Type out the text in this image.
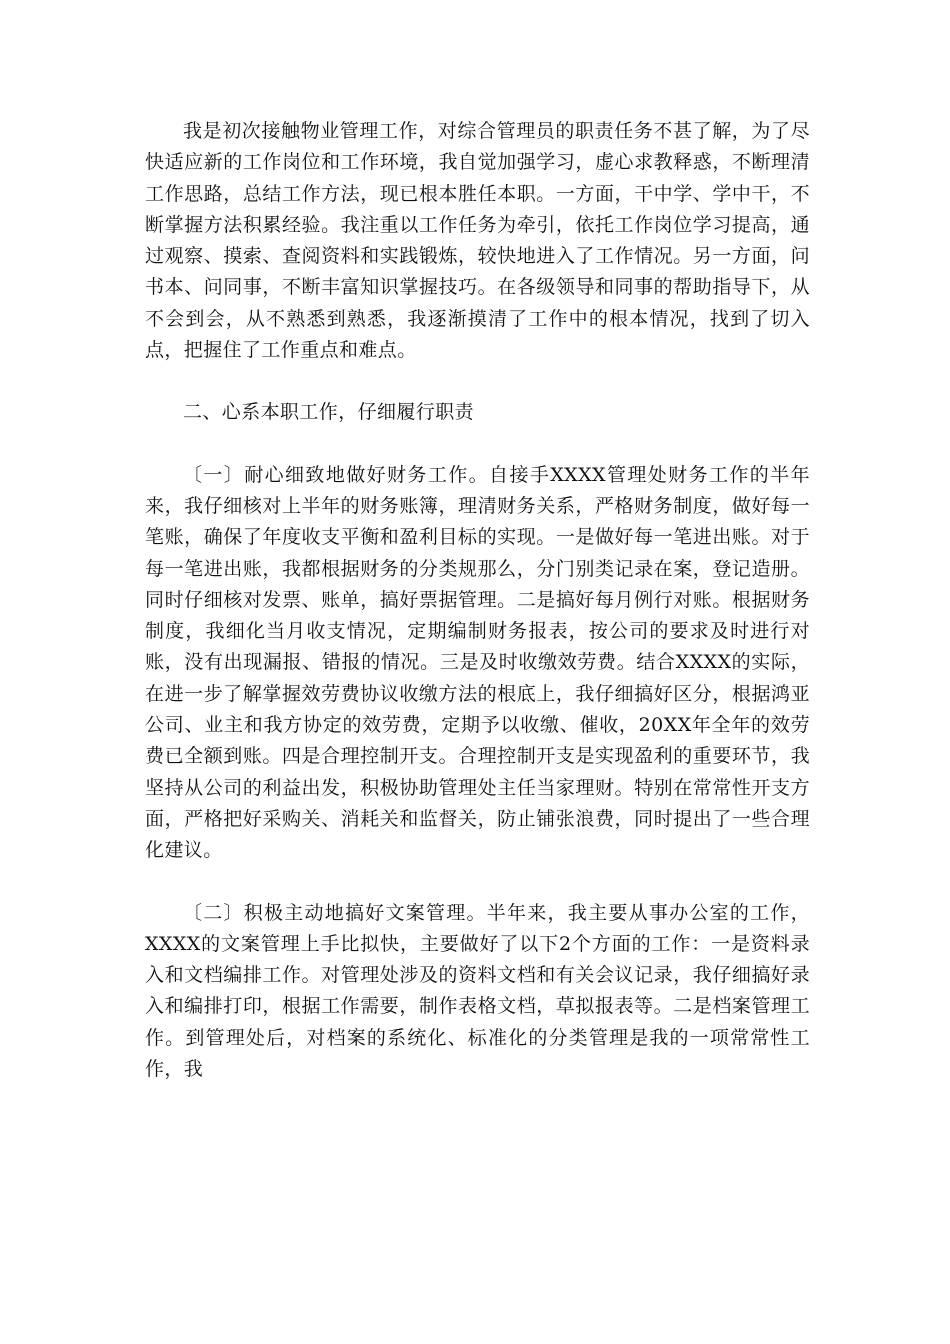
我是初次接触物业管理工作，对综合管理员的职责任务不甚了解，为了尽快适应新的工作岗位和工作环境，我自觉加强学习，虚心求教释惑，不断理清工作思路，总结工作方法，现已根本胜任本职。一方面，干中学、学中干，不断掌握方法积累经验。我注重以工作任务为牵引，依托工作岗位学习提高，通过观察、摸索、查阅资料和实践锻炼，较快地进入了工作情况。另一方面，问书本、问同事，不断丰富知识掌握技巧。在各级领导和同事的帮助指导下，从不会到会，从不熟悉到熟悉，我逐渐摸清了工作中的根本情况，找到了切入点，把握住了工作重点和难点。

二、心系本职工作，仔细履行职责

〔一〕耐心细致地做好财务工作。自接手XXXX管理处财务工作的半年来，我仔细核对上半年的财务账簿，理清财务关系，严格财务制度，做好每一笔账，确保了年度收支平衡和盈利目标的实现。一是做好每一笔进出账。对于每一笔进出账，我都根据财务的分类规那么，分门别类记录在案，登记造册。同时仔细核对发票、账单，搞好票据管理。二是搞好每月例行对账。根据财务制度，我细化当月收支情况，定期编制财务报表，按公司的要求及时进行对账，没有出现漏报、错报的情况。三是及时收缴效劳费。结合XXXX的实际，在进一步了解掌握效劳费协议收缴方法的根底上，我仔细搞好区分，根据鸿亚公司、业主和我方协定的效劳费，定期予以收缴、催收，20XX年全年的效劳费已全额到账。四是合理控制开支。合理控制开支是实现盈利的重要环节，我坚持从公司的利益出发，积极协助管理处主任当家理财。特别在常常性开支方面，严格把好采购关、消耗关和监督关，防止铺张浪费，同时提出了一些合理化建议。

〔二〕积极主动地搞好文案管理。半年来，我主要从事办公室的工作，XXXX的文案管理上手比拟快，主要做好了以下2个方面的工作：一是资料录入和文档编排工作。对管理处涉及的资料文档和有关会议记录，我仔细搞好录入和编排打印，根据工作需要，制作表格文档，草拟报表等。二是档案管理工作。到管理处后，对档案的系统化、标准化的分类管理是我的一项常常性工作，我
